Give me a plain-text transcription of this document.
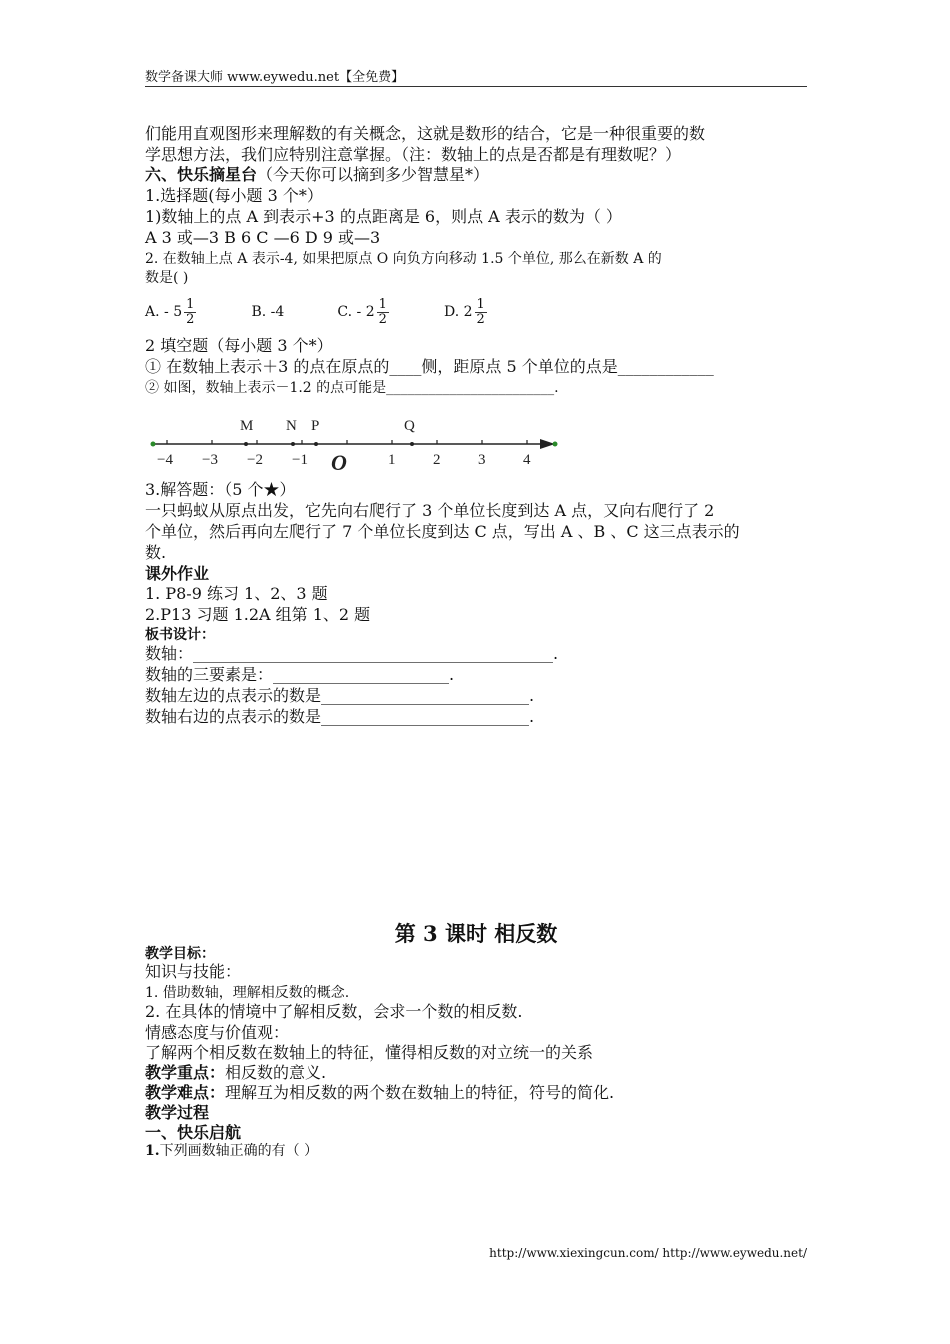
数学备课大师 www.eywedu.net【全免费】
们能用直观图形来理解数的有关概念，这就是数形的结合，它是一种很重要的数
学思想方法，我们应特别注意掌握。（注：数轴上的点是否都是有理数呢？）
六、快乐摘星台（今天你可以摘到多少智慧星*）
1.选择题(每小题 3 个*）
1)数轴上的点 A 到表示+3 的点距离是 6，则点 A 表示的数为（ ）
A 3 或—3 B 6 C —6 D 9 或—3
2. 在数轴上点 A 表示-4, 如果把原点 O 向负方向移动 1.5 个单位, 那么在新数 A 的
数是( )
A. - $5 \frac{1}{2}$	B. -4	C. - $2 \frac{1}{2}$	D. $2 \frac{1}{2}$
2 填空题（每小题 3 个*）
① 在数轴上表示＋3 的点在原点的____侧，距原点 5 个单位的点是____________
② 如图，数轴上表示－1.2 的点可能是________________________.
M N P	Q
−4 −3 −2 −1 O	1	2	3	4
3.解答题：（5 个★）
一只蚂蚁从原点出发，它先向右爬行了 3 个单位长度到达 A 点，又向右爬行了 2
个单位，然后再向左爬行了 7 个单位长度到达 C 点，写出 A 、B 、C 这三点表示的
数.
课外作业
1. P8-9 练习 1、2、3 题
2.P13 习题 1.2A 组第 1、2 题
板书设计：
数轴：_____________________________________________.
数轴的三要素是：______________________.
数轴左边的点表示的数是__________________________.
数轴右边的点表示的数是__________________________.
第 3 课时 相反数
教学目标：
知识与技能：
1. 借助数轴，理解相反数的概念.
2. 在具体的情境中了解相反数，会求一个数的相反数.
情感态度与价值观：
了解两个相反数在数轴上的特征，懂得相反数的对立统一的关系
教学重点：相反数的意义.
教学难点：理解互为相反数的两个数在数轴上的特征，符号的简化.
教学过程
一、快乐启航
1.下列画数轴正确的有（ ）
http://www.xiexingcun.com/ http://www.eywedu.net/
